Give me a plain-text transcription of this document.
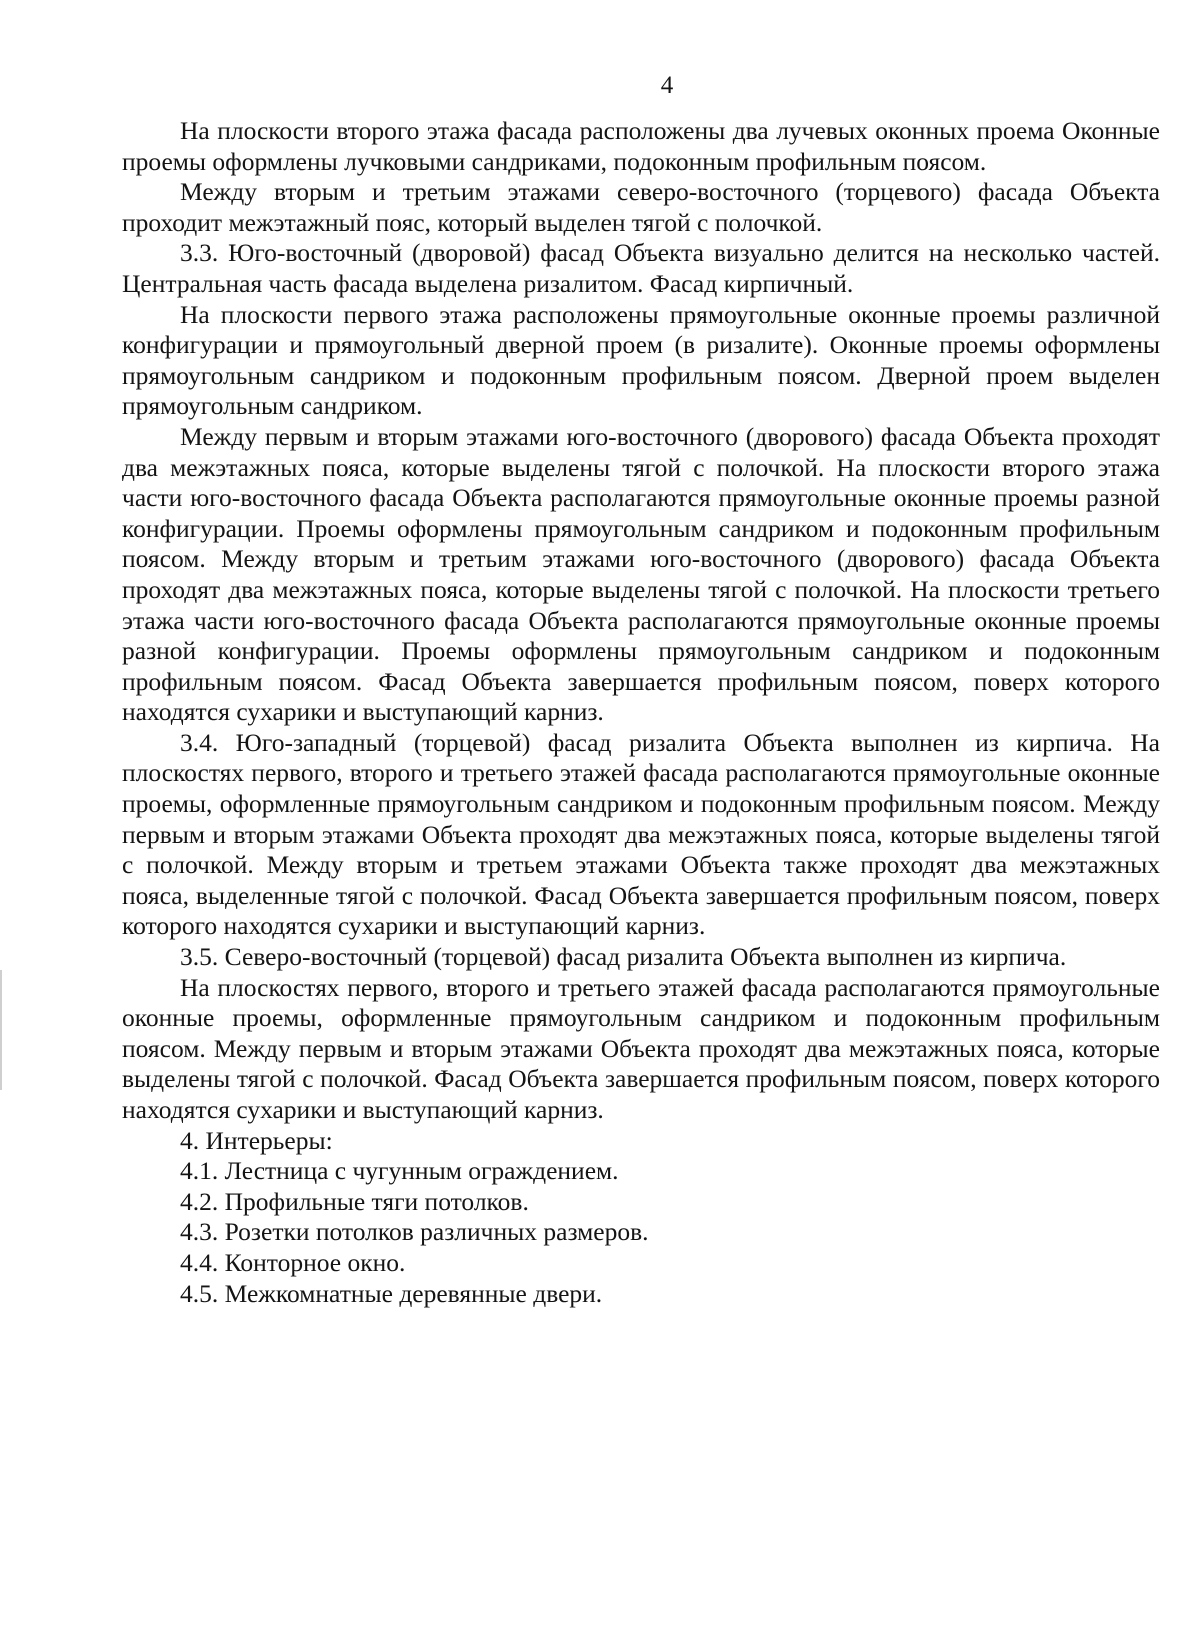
4

На плоскости второго этажа фасада расположены два лучевых оконных проема Оконные проемы оформлены лучковыми сандриками, подоконным профильным поясом.

Между вторым и третьим этажами северо-восточного (торцевого) фасада Объекта проходит межэтажный пояс, который выделен тягой с полочкой.

3.3. Юго-восточный (дворовой) фасад Объекта визуально делится на несколько частей. Центральная часть фасада выделена ризалитом. Фасад кирпичный.

На плоскости первого этажа расположены прямоугольные оконные проемы различной конфигурации и прямоугольный дверной проем (в ризалите). Оконные проемы оформлены прямоугольным сандриком и подоконным профильным поясом. Дверной проем выделен прямоугольным сандриком.

Между первым и вторым этажами юго-восточного (дворового) фасада Объекта проходят два межэтажных пояса, которые выделены тягой с полочкой. На плоскости второго этажа части юго-восточного фасада Объекта располагаются прямоугольные оконные проемы разной конфигурации. Проемы оформлены прямоугольным сандриком и подоконным профильным поясом. Между вторым и третьим этажами юго-восточного (дворового) фасада Объекта проходят два межэтажных пояса, которые выделены тягой с полочкой. На плоскости третьего этажа части юго-восточного фасада Объекта располагаются прямоугольные оконные проемы разной конфигурации. Проемы оформлены прямоугольным сандриком и подоконным профильным поясом. Фасад Объекта завершается профильным поясом, поверх которого находятся сухарики и выступающий карниз.

3.4. Юго-западный (торцевой) фасад ризалита Объекта выполнен из кирпича. На плоскостях первого, второго и третьего этажей фасада располагаются прямоугольные оконные проемы, оформленные прямоугольным сандриком и подоконным профильным поясом. Между первым и вторым этажами Объекта проходят два межэтажных пояса, которые выделены тягой с полочкой. Между вторым и третьем этажами Объекта также проходят два межэтажных пояса, выделенные тягой с полочкой. Фасад Объекта завершается профильным поясом, поверх которого находятся сухарики и выступающий карниз.

3.5. Северо-восточный (торцевой) фасад ризалита Объекта выполнен из кирпича.

На плоскостях первого, второго и третьего этажей фасада располагаются прямоугольные оконные проемы, оформленные прямоугольным сандриком и подоконным профильным поясом. Между первым и вторым этажами Объекта проходят два межэтажных пояса, которые выделены тягой с полочкой. Фасад Объекта завершается профильным поясом, поверх которого находятся сухарики и выступающий карниз.

4. Интерьеры:

4.1. Лестница с чугунным ограждением.

4.2. Профильные тяги потолков.

4.3. Розетки потолков различных размеров.

4.4. Конторное окно.

4.5. Межкомнатные деревянные двери.
